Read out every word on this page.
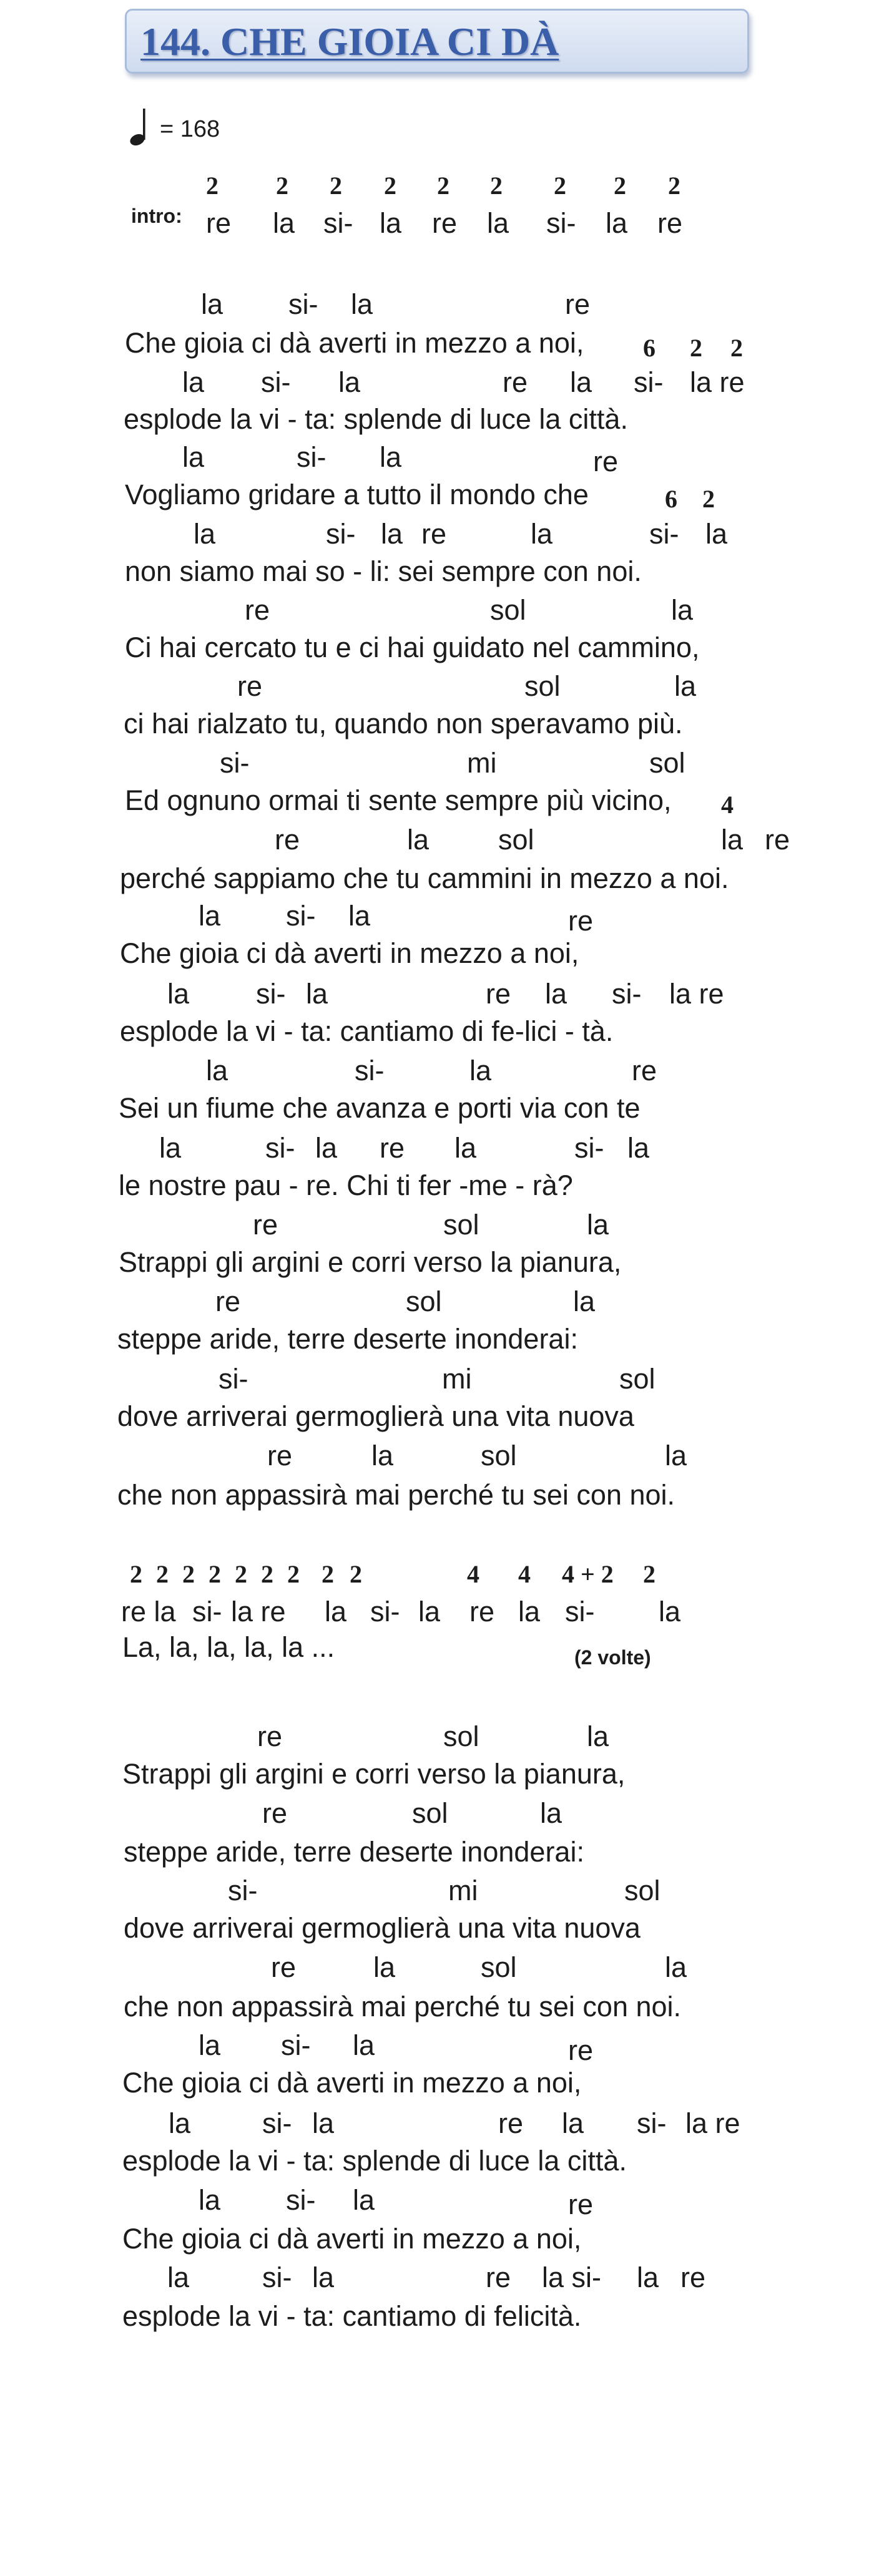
144. CHE GIOIA CI DÀ
= 168
intro:
2 2 2 2 2 2 2 2 2
re la si- la re la si- la re
la si- la	re
Che gioia ci dà averti in mezzo a noi, 6 2 2
la si- la	re la si- la re
esplode la vi - ta: splende di luce la città.
la	si- la	re
Vogliamo gridare a tutto il mondo che	6 2
la	si- la re	la	si- la
non siamo mai so - li: sei sempre con noi.
re	sol	la
Ci hai cercato tu e ci hai guidato nel cammino,
re	sol	la
ci hai rialzato tu, quando non speravamo più.
si-	mi	sol
Ed ognuno ormai ti sente sempre più vicino, 4
re	la sol	la re
perché sappiamo che tu cammini in mezzo a noi.
la si- la	re
Che gioia ci dà averti in mezzo a noi,
la si- la	re la si- la re
esplode la vi - ta: cantiamo di fe-lici - tà.
la	si-	la	re
Sei un fiume che avanza e porti via con te
la	si- la re la	si- la
le nostre pau - re. Chi ti fer -me - rà?
re	sol	la
Strappi gli argini e corri verso la pianura,
re	sol	la
steppe aride, terre deserte inonderai:
si-	mi	sol
dove arriverai germoglierà una vita nuova
re	la	sol	la
che non appassirà mai perché tu sei con noi.
2 2 2 2 2 2 2 2 2	4 4 4 + 2 2
re la si- la re la si- la re la si- la
La, la, la, la, la ...	(2 volte)
re	sol	la
Strappi gli argini e corri verso la pianura,
re	sol	la
steppe aride, terre deserte inonderai:
si-	mi	sol
dove arriverai germoglierà una vita nuova
re	la	sol	la
che non appassirà mai perché tu sei con noi.
la si- la	re
Che gioia ci dà averti in mezzo a noi,
la	si- la	re la si- la re
esplode la vi - ta: splende di luce la città.
la si- la	re
Che gioia ci dà averti in mezzo a noi,
la	si- la	re la si- la re
esplode la vi - ta: cantiamo di felicità.
